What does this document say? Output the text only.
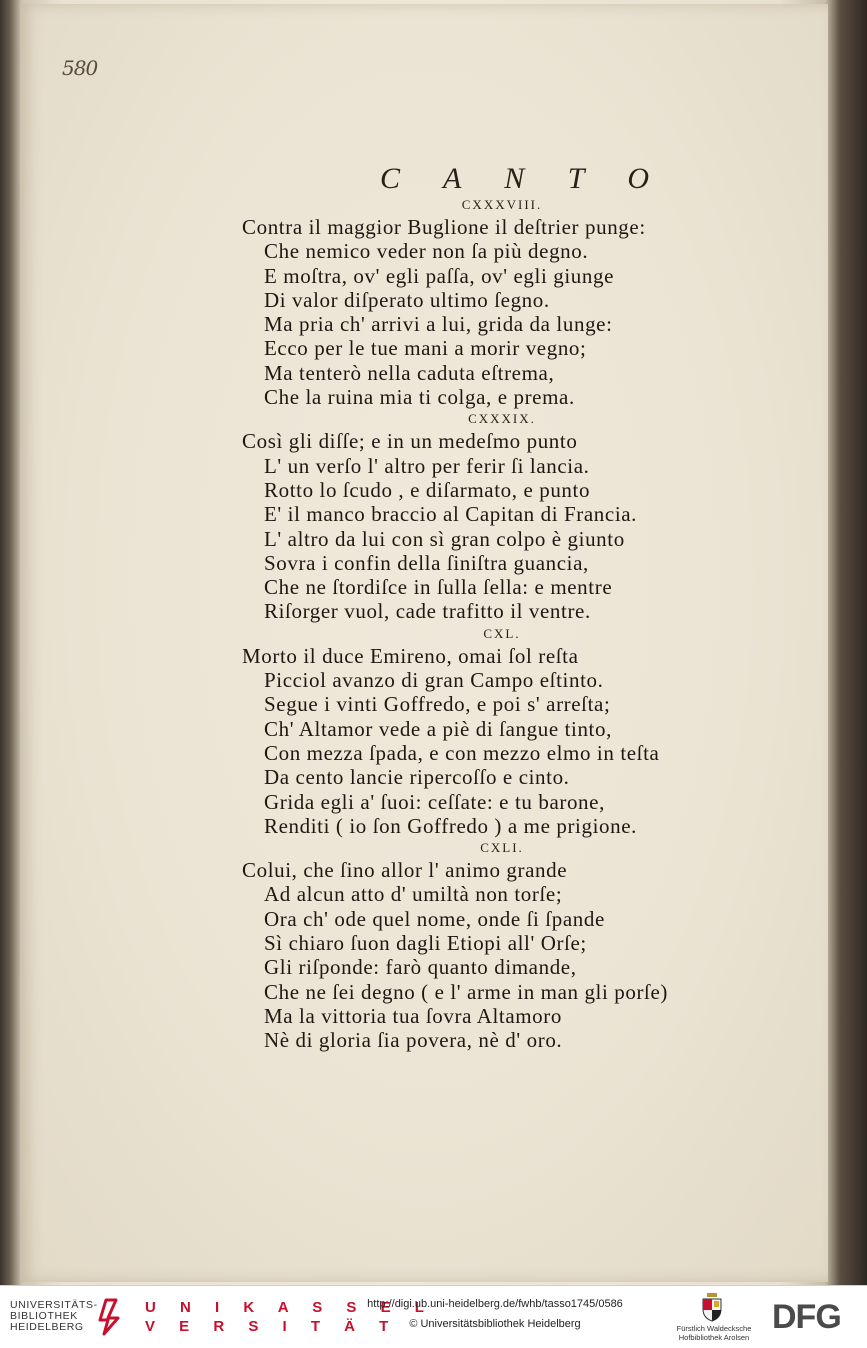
580
C A N T O
CXXXVIII.
Contra il maggior Buglione il deſtrier punge:
Che nemico veder non ſa più degno.
E moſtra, ov' egli paſſa, ov' egli giunge
Di valor diſperato ultimo ſegno.
Ma pria ch' arrivi a lui, grida da lunge:
Ecco per le tue mani a morir vegno;
Ma tenterò nella caduta eſtrema,
Che la ruina mia ti colga, e prema.
CXXXIX.
Così gli diſſe; e in un medeſmo punto
L' un verſo l' altro per ferir ſi lancia.
Rotto lo ſcudo , e diſarmato, e punto
E' il manco braccio al Capitan di Francia.
L' altro da lui con sì gran colpo è giunto
Sovra i confin della ſiniſtra guancia,
Che ne ſtordiſce in ſulla ſella: e mentre
Riſorger vuol, cade trafitto il ventre.
CXL.
Morto il duce Emireno, omai ſol reſta
Picciol avanzo di gran Campo eſtinto.
Segue i vinti Goffredo, e poi s' arreſta;
Ch' Altamor vede a piè di ſangue tinto,
Con mezza ſpada, e con mezzo elmo in teſta
Da cento lancie ripercoſſo e cinto.
Grida egli a' ſuoi: ceſſate: e tu barone,
Renditi ( io ſon Goffredo ) a me prigione.
CXLI.
Colui, che ſino allor l' animo grande
Ad alcun atto d' umiltà non torſe;
Ora ch' ode quel nome, onde ſi ſpande
Sì chiaro ſuon dagli Etiopi all' Orſe;
Gli riſponde: farò quanto dimande,
Che ne ſei degno ( e l' arme in man gli porſe)
Ma la vittoria tua ſovra Altamoro
Nè di gloria ſia povera, nè d' oro.
UNIVERSITÄTS-
BIBLIOTHEK
HEIDELBERG
U N I K A S S E L
V E R S I T Ä T
http://digi.ub.uni-heidelberg.de/fwhb/tasso1745/0586
© Universitätsbibliothek Heidelberg	Fürstlich Waldecksche
Hofbibliothek Arolsen
DFG
